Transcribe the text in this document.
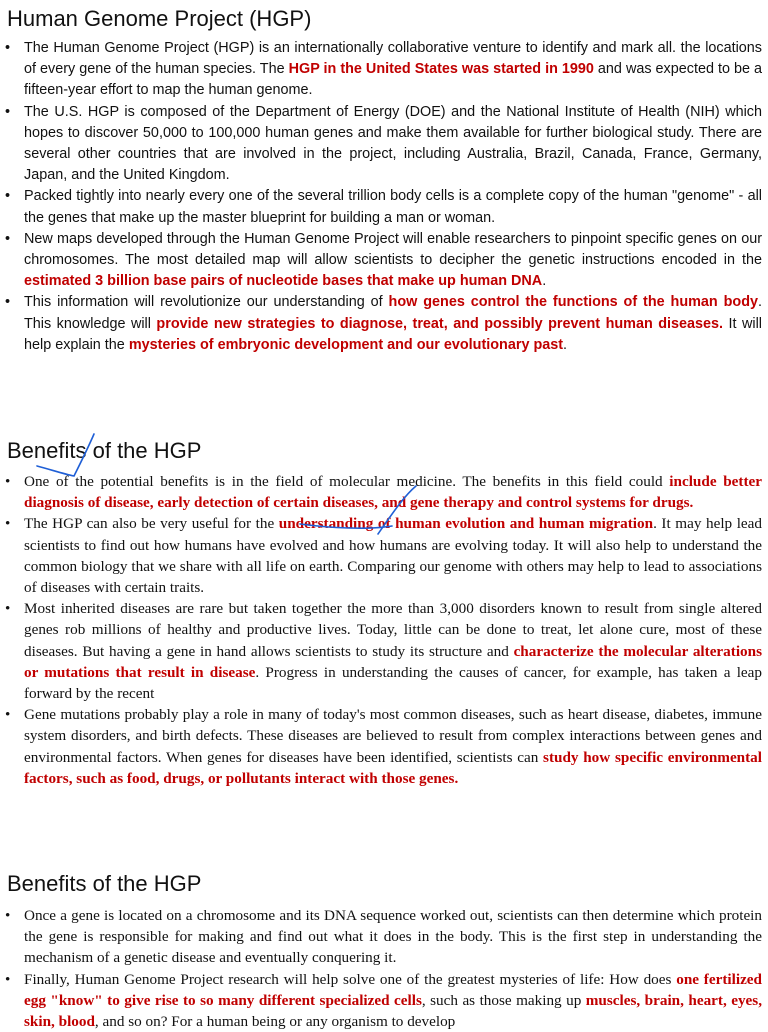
Human Genome Project (HGP)
• The Human Genome Project (HGP) is an internationally collaborative venture to identify and mark all. the locations of every gene of the human species. The HGP in the United States was started in 1990 and was expected to be a fifteen-year effort to map the human genome.
• The U.S. HGP is composed of the Department of Energy (DOE) and the National Institute of Health (NIH) which hopes to discover 50,000 to 100,000 human genes and make them available for further biological study. There are several other countries that are involved in the project, including Australia, Brazil, Canada, France, Germany, Japan, and the United Kingdom.
• Packed tightly into nearly every one of the several trillion body cells is a complete copy of the human "genome" - all the genes that make up the master blueprint for building a man or woman.
• New maps developed through the Human Genome Project will enable researchers to pinpoint specific genes on our chromosomes. The most detailed map will allow scientists to decipher the genetic instructions encoded in the estimated 3 billion base pairs of nucleotide bases that make up human DNA.
• This information will revolutionize our understanding of how genes control the functions of the human body. This knowledge will provide new strategies to diagnose, treat, and possibly prevent human diseases. It will help explain the mysteries of embryonic development and our evolutionary past.
Benefits of the HGP
• One of the potential benefits is in the field of molecular medicine. The benefits in this field could include better diagnosis of disease, early detection of certain diseases, and gene therapy and control systems for drugs.
• The HGP can also be very useful for the understanding of human evolution and human migration. It may help lead scientists to find out how humans have evolved and how humans are evolving today. It will also help to understand the common biology that we share with all life on earth. Comparing our genome with others may help to lead to associations of diseases with certain traits.
• Most inherited diseases are rare but taken together the more than 3,000 disorders known to result from single altered genes rob millions of healthy and productive lives. Today, little can be done to treat, let alone cure, most of these diseases. But having a gene in hand allows scientists to study its structure and characterize the molecular alterations or mutations that result in disease. Progress in understanding the causes of cancer, for example, has taken a leap forward by the recent
• Gene mutations probably play a role in many of today's most common diseases, such as heart disease, diabetes, immune system disorders, and birth defects. These diseases are believed to result from complex interactions between genes and environmental factors. When genes for diseases have been identified, scientists can study how specific environmental factors, such as food, drugs, or pollutants interact with those genes.
Benefits of the HGP
• Once a gene is located on a chromosome and its DNA sequence worked out, scientists can then determine which protein the gene is responsible for making and find out what it does in the body. This is the first step in understanding the mechanism of a genetic disease and eventually conquering it.
• Finally, Human Genome Project research will help solve one of the greatest mysteries of life: How does one fertilized egg "know" to give rise to so many different specialized cells, such as those making up muscles, brain, heart, eyes, skin, blood, and so on? For a human being or any organism to develop
